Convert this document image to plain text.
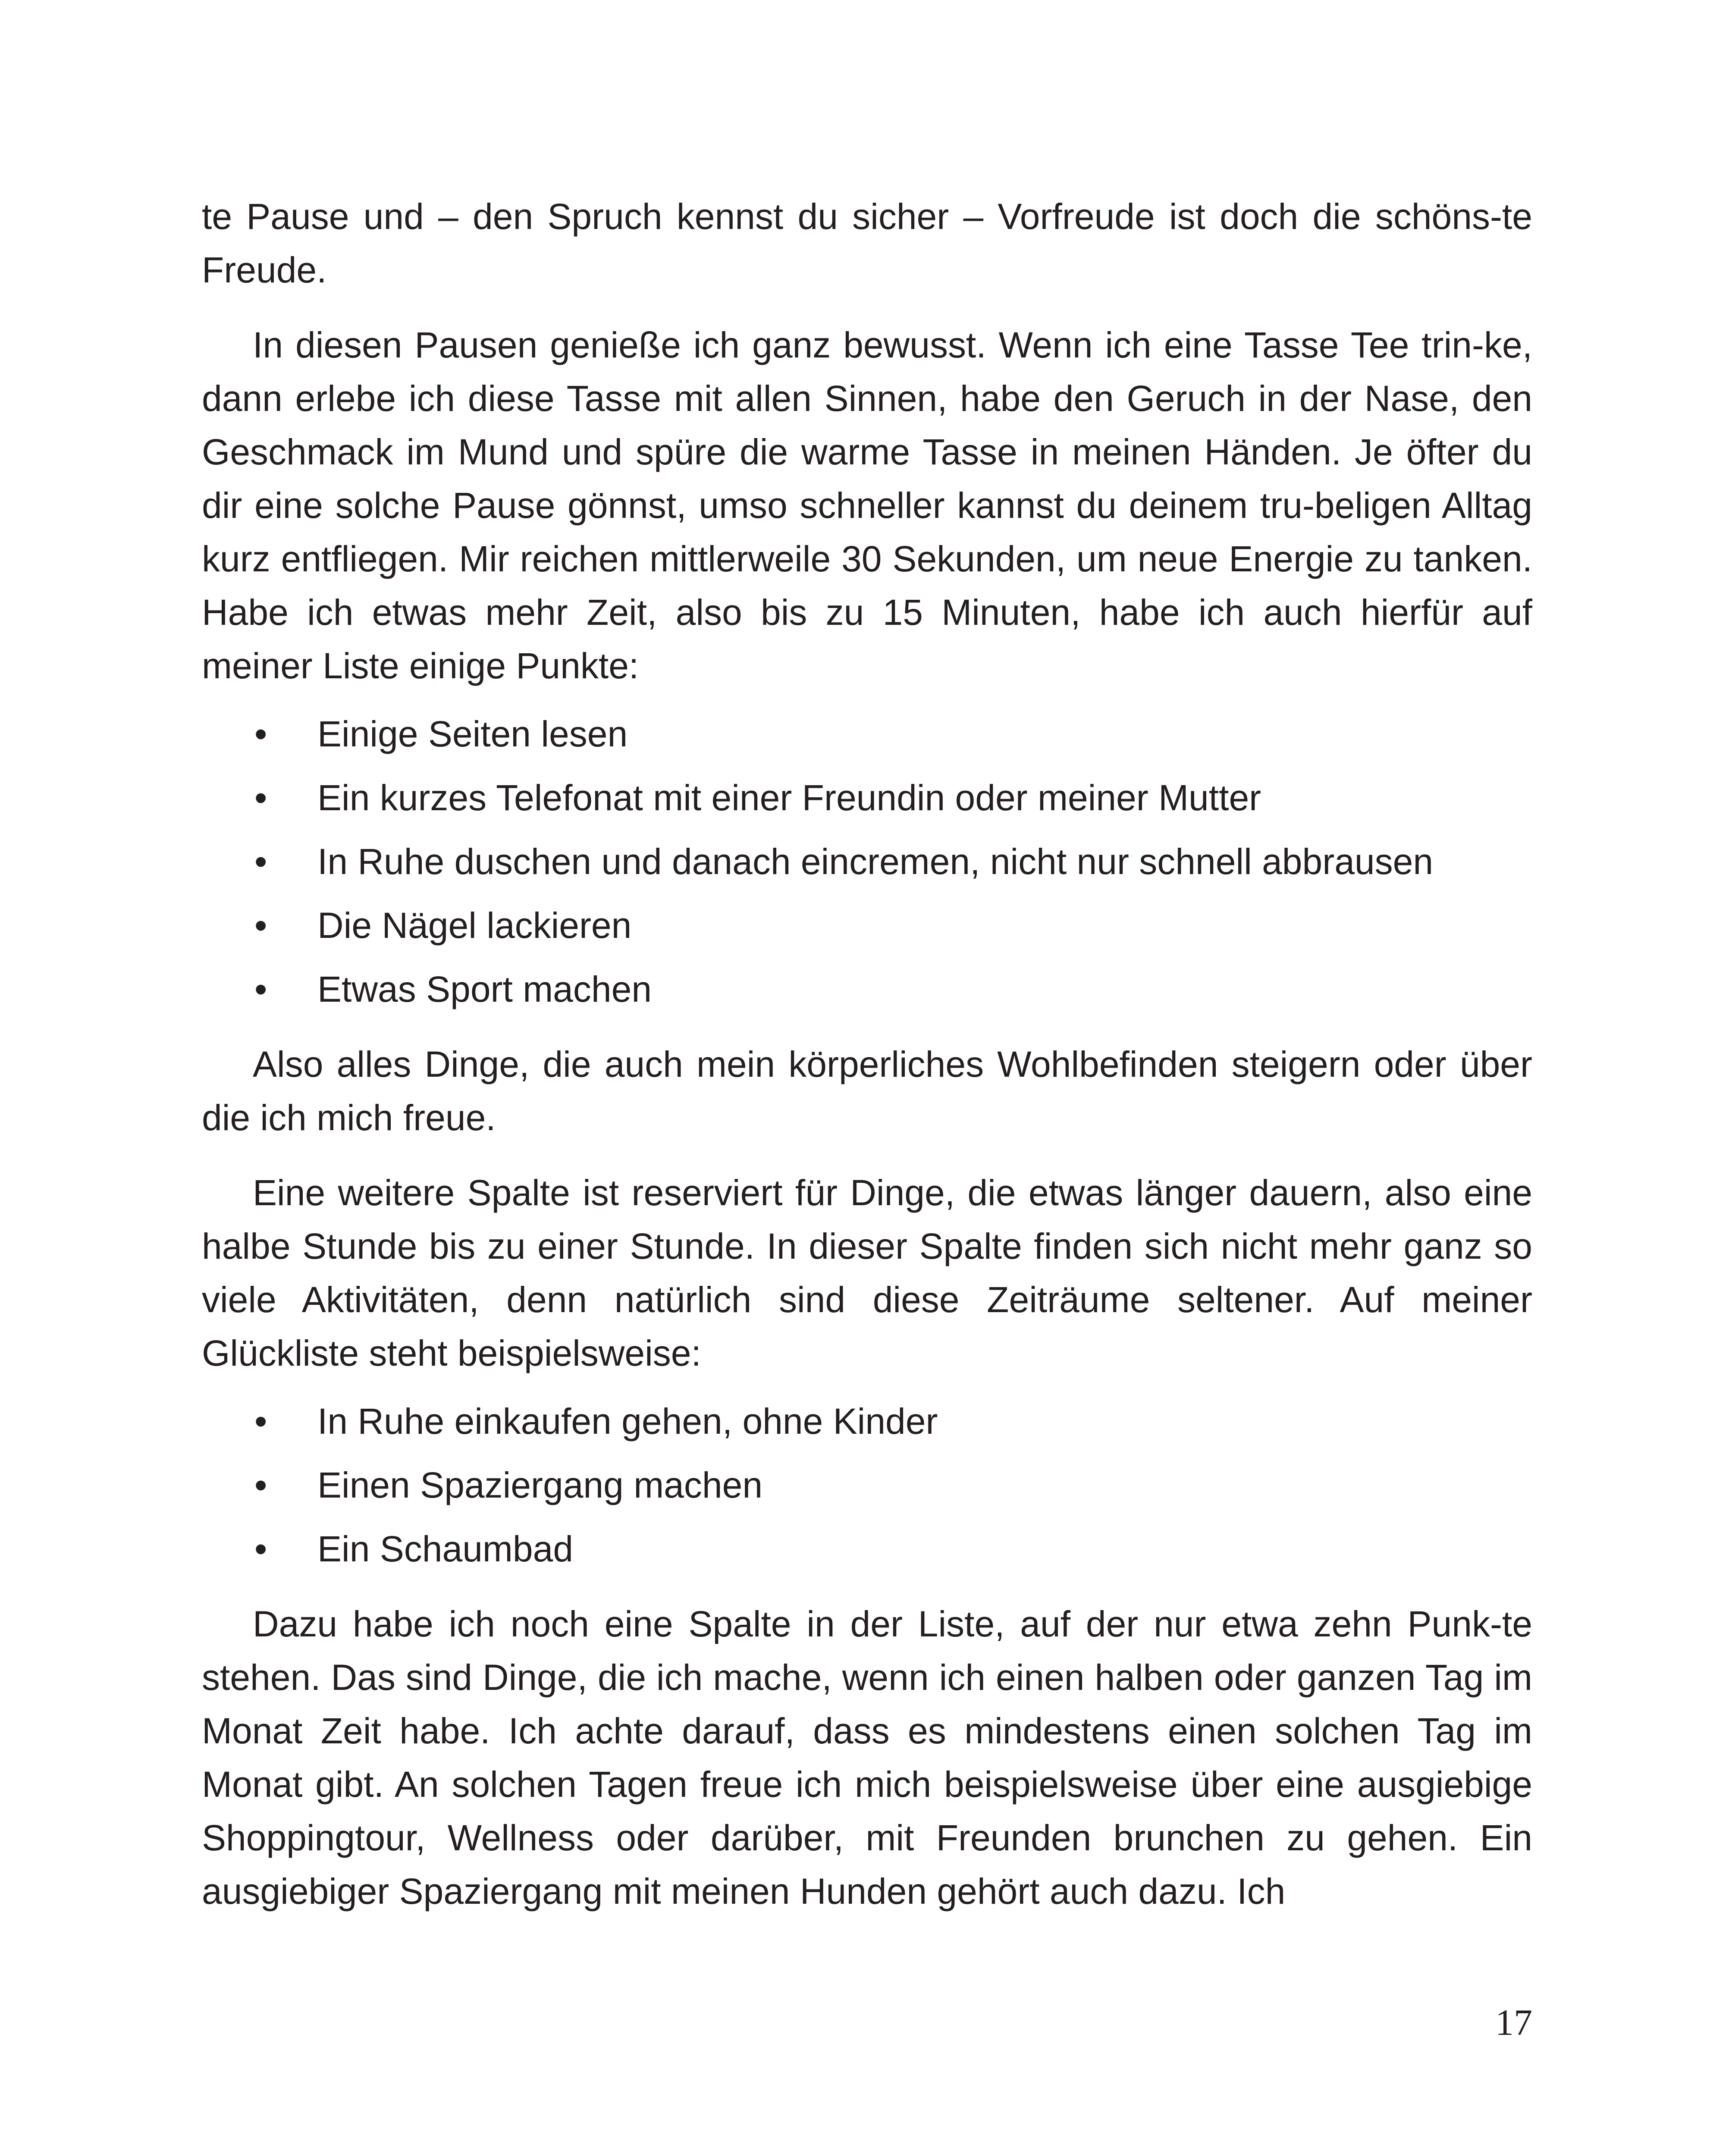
te Pause und – den Spruch kennst du sicher – Vorfreude ist doch die schöns-te Freude.

In diesen Pausen genieße ich ganz bewusst. Wenn ich eine Tasse Tee trin-ke, dann erlebe ich diese Tasse mit allen Sinnen, habe den Geruch in der Nase, den Geschmack im Mund und spüre die warme Tasse in meinen Händen. Je öfter du dir eine solche Pause gönnst, umso schneller kannst du deinem tru-beligen Alltag kurz entfliegen. Mir reichen mittlerweile 30 Sekunden, um neue Energie zu tanken. Habe ich etwas mehr Zeit, also bis zu 15 Minuten, habe ich auch hierfür auf meiner Liste einige Punkte:

• Einige Seiten lesen
• Ein kurzes Telefonat mit einer Freundin oder meiner Mutter
• In Ruhe duschen und danach eincremen, nicht nur schnell abbrausen
• Die Nägel lackieren
• Etwas Sport machen

Also alles Dinge, die auch mein körperliches Wohlbefinden steigern oder über die ich mich freue.

Eine weitere Spalte ist reserviert für Dinge, die etwas länger dauern, also eine halbe Stunde bis zu einer Stunde. In dieser Spalte finden sich nicht mehr ganz so viele Aktivitäten, denn natürlich sind diese Zeiträume seltener. Auf meiner Glückliste steht beispielsweise:

• In Ruhe einkaufen gehen, ohne Kinder
• Einen Spaziergang machen
• Ein Schaumbad

Dazu habe ich noch eine Spalte in der Liste, auf der nur etwa zehn Punk-te stehen. Das sind Dinge, die ich mache, wenn ich einen halben oder ganzen Tag im Monat Zeit habe. Ich achte darauf, dass es mindestens einen solchen Tag im Monat gibt. An solchen Tagen freue ich mich beispielsweise über eine ausgiebige Shoppingtour, Wellness oder darüber, mit Freunden brunchen zu gehen. Ein ausgiebiger Spaziergang mit meinen Hunden gehört auch dazu. Ich

17
